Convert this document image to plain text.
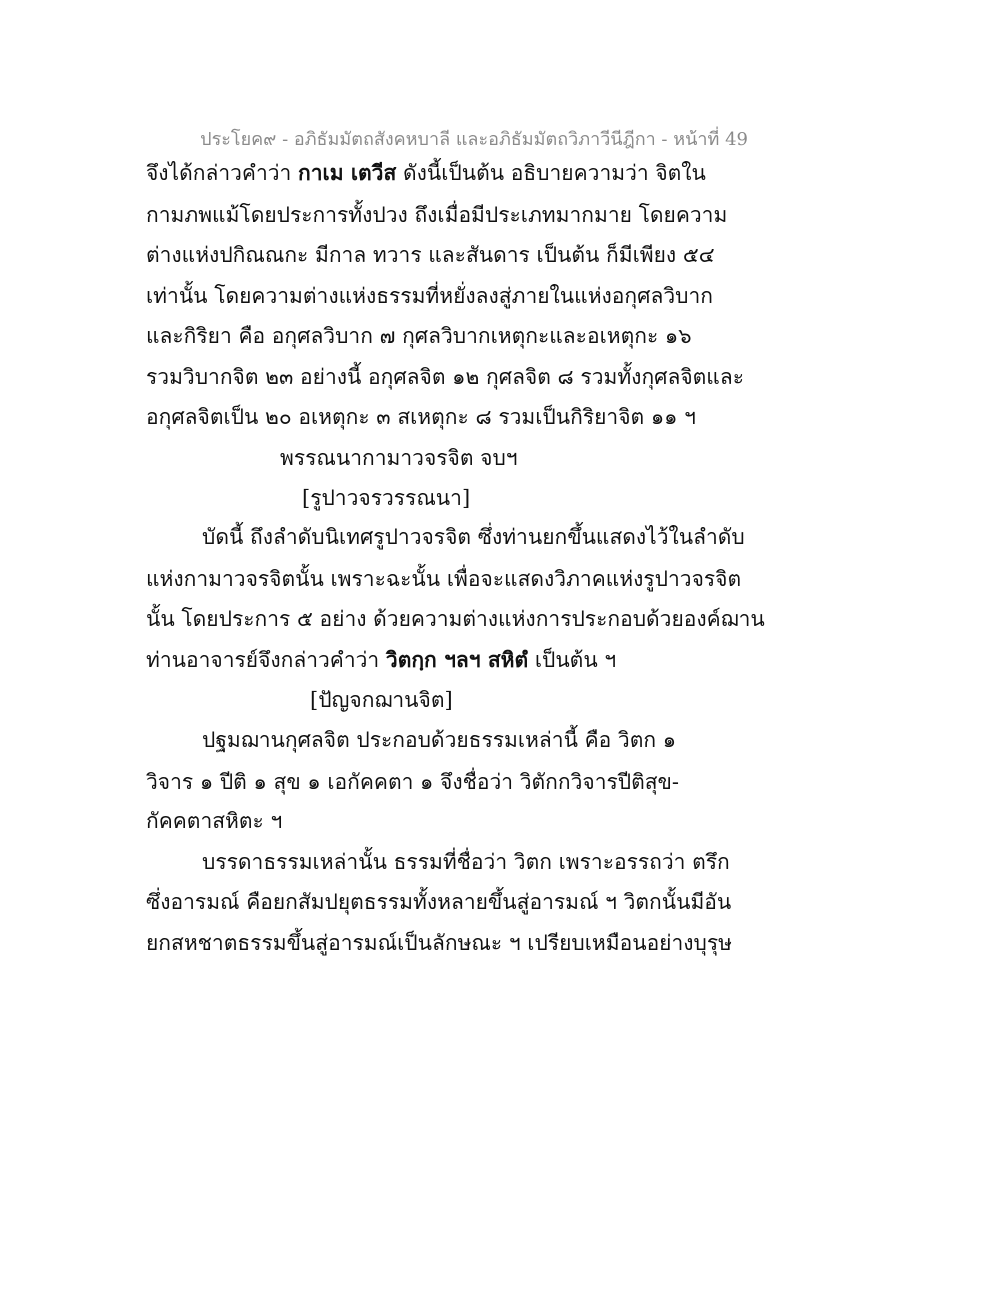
ประโยค๙ - อภิธัมมัตถสังคหบาลี และอภิธัมมัตถวิภาวีนีฎีกา - หน้าที่ 49
จึงได้กล่าวคำว่า กาเม เตวีส ดังนี้เป็นต้น อธิบายความว่า จิตใน
กามภพแม้โดยประการทั้งปวง ถึงเมื่อมีประเภทมากมาย โดยความ
ต่างแห่งปกิณณกะ มีกาล ทวาร และสันดาร เป็นต้น ก็มีเพียง ๕๔
เท่านั้น โดยความต่างแห่งธรรมที่หยั่งลงสู่ภายในแห่งอกุศลวิบาก
และกิริยา คือ อกุศลวิบาก ๗ กุศลวิบากเหตุกะและอเหตุกะ ๑๖
รวมวิบากจิต ๒๓ อย่างนี้ อกุศลจิต ๑๒ กุศลจิต ๘ รวมทั้งกุศลจิตและ
อกุศลจิตเป็น ๒๐ อเหตุกะ ๓ สเหตุกะ ๘ รวมเป็นกิริยาจิต ๑๑ ฯ
พรรณนากามาวจรจิต จบฯ
[รูปาวจรวรรณนา]
บัดนี้ ถึงลำดับนิเทศรูปาวจรจิต ซึ่งท่านยกขึ้นแสดงไว้ในลำดับ
แห่งกามาวจรจิตนั้น เพราะฉะนั้น เพื่อจะแสดงวิภาคแห่งรูปาวจรจิต
นั้น โดยประการ ๕ อย่าง ด้วยความต่างแห่งการประกอบด้วยองค์ฌาน
ท่านอาจารย์จึงกล่าวคำว่า วิตกฺก ฯลฯ สหิตํ เป็นต้น ฯ
[ปัญจกฌานจิต]
ปฐมฌานกุศลจิต ประกอบด้วยธรรมเหล่านี้ คือ วิตก ๑
วิจาร ๑ ปีติ ๑ สุข ๑ เอกัคคตา ๑ จึงชื่อว่า วิตักกวิจารปีติสุข-
กัคคตาสหิตะ ฯ
บรรดาธรรมเหล่านั้น ธรรมที่ชื่อว่า วิตก เพราะอรรถว่า ตรึก
ซึ่งอารมณ์ คือยกสัมปยุตธรรมทั้งหลายขึ้นสู่อารมณ์ ฯ วิตกนั้นมีอัน
ยกสหชาตธรรมขึ้นสู่อารมณ์เป็นลักษณะ ฯ เปรียบเหมือนอย่างบุรุษ
